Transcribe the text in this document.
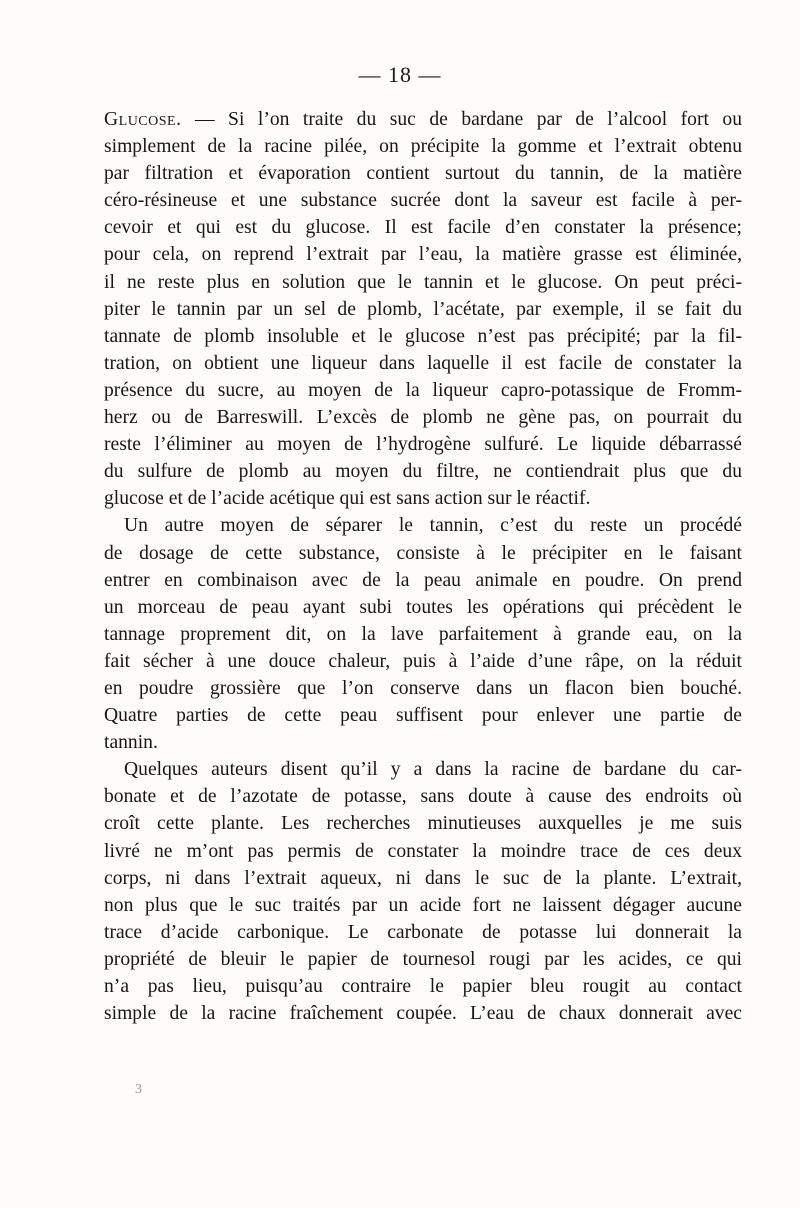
— 18 —
Glucose. — Si l’on traite du suc de bardane par de l’alcool fort ou
simplement de la racine pilée, on précipite la gomme et l’extrait obtenu
par filtration et évaporation contient surtout du tannin, de la matière
céro-résineuse et une substance sucrée dont la saveur est facile à per-
cevoir et qui est du glucose. Il est facile d’en constater la présence;
pour cela, on reprend l’extrait par l’eau, la matière grasse est éliminée,
il ne reste plus en solution que le tannin et le glucose. On peut préci-
piter le tannin par un sel de plomb, l’acétate, par exemple, il se fait du
tannate de plomb insoluble et le glucose n’est pas précipité; par la fil-
tration, on obtient une liqueur dans laquelle il est facile de constater la
présence du sucre, au moyen de la liqueur capro-potassique de Fromm-
herz ou de Barreswill. L’excès de plomb ne gène pas, on pourrait du
reste l’éliminer au moyen de l’hydrogène sulfuré. Le liquide débarrassé
du sulfure de plomb au moyen du filtre, ne contiendrait plus que du
glucose et de l’acide acétique qui est sans action sur le réactif.
Un autre moyen de séparer le tannin, c’est du reste un procédé
de dosage de cette substance, consiste à le précipiter en le faisant
entrer en combinaison avec de la peau animale en poudre. On prend
un morceau de peau ayant subi toutes les opérations qui précèdent le
tannage proprement dit, on la lave parfaitement à grande eau, on la
fait sécher à une douce chaleur, puis à l’aide d’une râpe, on la réduit
en poudre grossière que l’on conserve dans un flacon bien bouché.
Quatre parties de cette peau suffisent pour enlever une partie de
tannin.
Quelques auteurs disent qu’il y a dans la racine de bardane du car-
bonate et de l’azotate de potasse, sans doute à cause des endroits où
croît cette plante. Les recherches minutieuses auxquelles je me suis
livré ne m’ont pas permis de constater la moindre trace de ces deux
corps, ni dans l’extrait aqueux, ni dans le suc de la plante. L’extrait,
non plus que le suc traités par un acide fort ne laissent dégager aucune
trace d’acide carbonique. Le carbonate de potasse lui donnerait la
propriété de bleuir le papier de tournesol rougi par les acides, ce qui
n’a pas lieu, puisqu’au contraire le papier bleu rougit au contact
simple de la racine fraîchement coupée. L’eau de chaux donnerait avec
3
